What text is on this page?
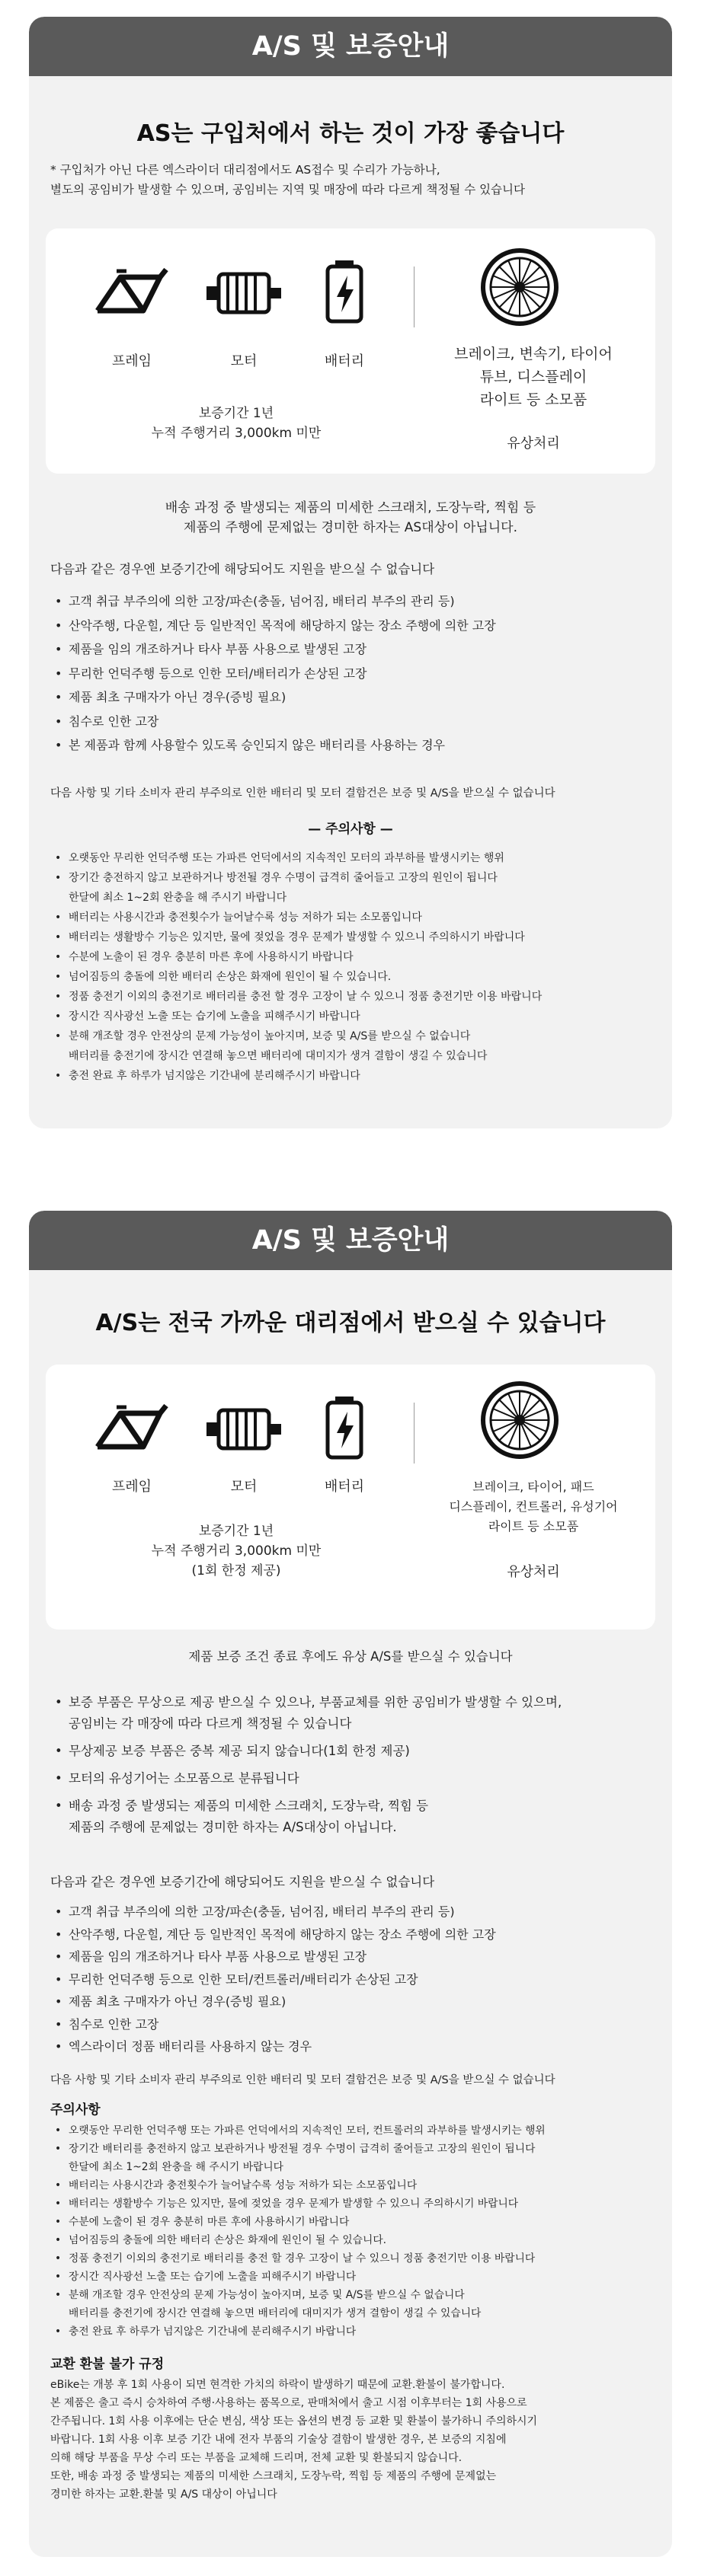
A/S 및 보증안내
AS는 구입처에서 하는 것이 가장 좋습니다
* 구입처가 아닌 다른 엑스라이더 대리점에서도 AS접수 및 수리가 가능하나,
별도의 공임비가 발생할 수 있으며, 공임비는 지역 및 매장에 따라 다르게 책정될 수 있습니다
프레임	모터	배터리	브레이크, 변속기, 타이어
튜브, 디스플레이
라이트 등 소모품
유상처리
보증기간 1년
누적 주행거리 3,000km 미만
배송 과정 중 발생되는 제품의 미세한 스크래치, 도장누락, 찍힘 등
제품의 주행에 문제없는 경미한 하자는 AS대상이 아닙니다.
다음과 같은 경우엔 보증기간에 해당되어도 지원을 받으실 수 없습니다
• 고객 취급 부주의에 의한 고장/파손(충돌, 넘어짐, 배터리 부주의 관리 등)
• 산악주행, 다운힐, 계단 등 일반적인 목적에 해당하지 않는 장소 주행에 의한 고장
• 제품을 임의 개조하거나 타사 부품 사용으로 발생된 고장
• 무리한 언덕주행 등으로 인한 모터/배터리가 손상된 고장
• 제품 최초 구매자가 아닌 경우(증빙 필요)
• 침수로 인한 고장
• 본 제품과 함께 사용할수 있도록 승인되지 않은 배터리를 사용하는 경우
다음 사항 및 기타 소비자 관리 부주의로 인한 배터리 및 모터 결함건은 보증 및 A/S을 받으실 수 없습니다
— 주의사항 —
• 오랫동안 무리한 언덕주행 또는 가파른 언덕에서의 지속적인 모터의 과부하를 발생시키는 행위
• 장기간 충전하지 않고 보관하거나 방전될 경우 수명이 급격히 줄어들고 고장의 원인이 됩니다
한달에 최소 1~2회 완충을 해 주시기 바랍니다
• 배터리는 사용시간과 충전횟수가 늘어날수록 성능 저하가 되는 소모품입니다
• 배터리는 생활방수 기능은 있지만, 물에 젖었을 경우 문제가 발생할 수 있으니 주의하시기 바랍니다
• 수분에 노출이 된 경우 충분히 마른 후에 사용하시기 바랍니다
• 넘어짐등의 충돌에 의한 배터리 손상은 화재에 원인이 될 수 있습니다.
• 정품 충전기 이외의 충전기로 배터리를 충전 할 경우 고장이 날 수 있으니 정품 충전기만 이용 바랍니다
• 장시간 직사광선 노출 또는 습기에 노출을 피해주시기 바랍니다
• 분해 개조할 경우 안전상의 문제 가능성이 높아지며, 보증 및 A/S를 받으실 수 없습니다
배터리를 충전기에 장시간 연결해 놓으면 배터리에 대미지가 생겨 결함이 생길 수 있습니다
• 충전 완료 후 하루가 넘지않은 기간내에 분리해주시기 바랍니다
A/S 및 보증안내
A/S는 전국 가까운 대리점에서 받으실 수 있습니다
프레임	모터	배터리	브레이크, 타이어, 패드
디스플레이, 컨트롤러, 유성기어
라이트 등 소모품
유상처리
보증기간 1년
누적 주행거리 3,000km 미만
(1회 한정 제공)
제품 보증 조건 종료 후에도 유상 A/S를 받으실 수 있습니다
• 보증 부품은 무상으로 제공 받으실 수 있으나, 부품교체를 위한 공임비가 발생할 수 있으며,
공임비는 각 매장에 따라 다르게 책정될 수 있습니다
• 무상제공 보증 부품은 중복 제공 되지 않습니다(1회 한정 제공)
• 모터의 유성기어는 소모품으로 분류됩니다
• 배송 과정 중 발생되는 제품의 미세한 스크래치, 도장누락, 찍힘 등
제품의 주행에 문제없는 경미한 하자는 A/S대상이 아닙니다.
다음과 같은 경우엔 보증기간에 해당되어도 지원을 받으실 수 없습니다
• 고객 취급 부주의에 의한 고장/파손(충돌, 넘어짐, 배터리 부주의 관리 등)
• 산악주행, 다운힐, 계단 등 일반적인 목적에 해당하지 않는 장소 주행에 의한 고장
• 제품을 임의 개조하거나 타사 부품 사용으로 발생된 고장
• 무리한 언덕주행 등으로 인한 모터/컨트롤러/배터리가 손상된 고장
• 제품 최초 구매자가 아닌 경우(증빙 필요)
• 침수로 인한 고장
• 엑스라이더 정품 배터리를 사용하지 않는 경우
다음 사항 및 기타 소비자 관리 부주의로 인한 배터리 및 모터 결함건은 보증 및 A/S을 받으실 수 없습니다
주의사항
• 오랫동안 무리한 언덕주행 또는 가파른 언덕에서의 지속적인 모터, 컨트롤러의 과부하를 발생시키는 행위
• 장기간 배터리를 충전하지 않고 보관하거나 방전될 경우 수명이 급격히 줄어들고 고장의 원인이 됩니다
한달에 최소 1~2회 완충을 해 주시기 바랍니다
• 배터리는 사용시간과 충전횟수가 늘어날수록 성능 저하가 되는 소모품입니다
• 배터리는 생활방수 기능은 있지만, 물에 젖었을 경우 문제가 발생할 수 있으니 주의하시기 바랍니다
• 수분에 노출이 된 경우 충분히 마른 후에 사용하시기 바랍니다
• 넘어짐등의 충돌에 의한 배터리 손상은 화재에 원인이 될 수 있습니다.
• 정품 충전기 이외의 충전기로 배터리를 충전 할 경우 고장이 날 수 있으니 정품 충전기만 이용 바랍니다
• 장시간 직사광선 노출 또는 습기에 노출을 피해주시기 바랍니다
• 분해 개조할 경우 안전상의 문제 가능성이 높아지며, 보증 및 A/S를 받으실 수 없습니다
배터리를 충전기에 장시간 연결해 놓으면 배터리에 대미지가 생겨 결함이 생길 수 있습니다
• 충전 완료 후 하루가 넘지않은 기간내에 분리해주시기 바랍니다
교환 환불 불가 규정
eBike는 개봉 후 1회 사용이 되면 현격한 가치의 하락이 발생하기 때문에 교환.환불이 불가합니다.
본 제품은 출고 즉시 승차하여 주행·사용하는 품목으로, 판매처에서 출고 시점 이후부터는 1회 사용으로
간주됩니다. 1회 사용 이후에는 단순 변심, 색상 또는 옵션의 변경 등 교환 및 환불이 불가하니 주의하시기
바랍니다. 1회 사용 이후 보증 기간 내에 전자 부품의 기술상 결함이 발생한 경우, 본 보증의 지침에
의해 해당 부품을 무상 수리 또는 부품을 교체해 드리며, 전체 교환 및 환불되지 않습니다.
또한, 배송 과정 중 발생되는 제품의 미세한 스크래치, 도장누락, 찍힘 등 제품의 주행에 문제없는
경미한 하자는 교환.환불 및 A/S 대상이 아닙니다
